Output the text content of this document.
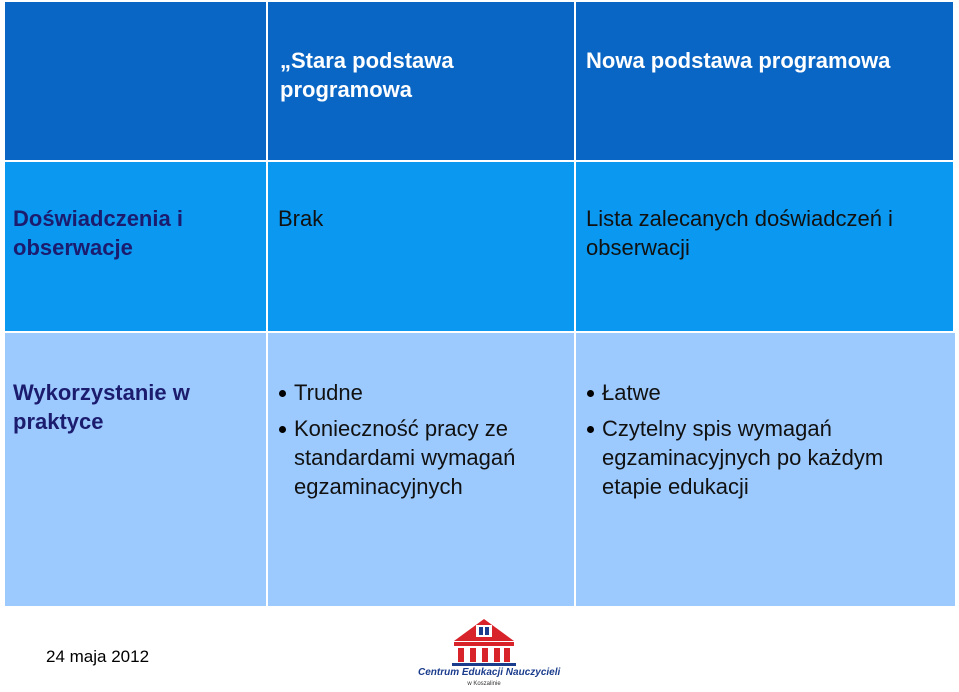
„Stara podstawa programowa
Nowa podstawa programowa
Doświadczenia i obserwacje
Brak	Lista zalecanych doświadczeń i obserwacji
Wykorzystanie w praktyce
Trudne
Konieczność pracy ze standardami wymagań egzaminacyjnych
Łatwe
Czytelny spis wymagań egzaminacyjnych po każdym etapie edukacji
24 maja 2012
Centrum Edukacji Nauczycieli
w Koszalinie
